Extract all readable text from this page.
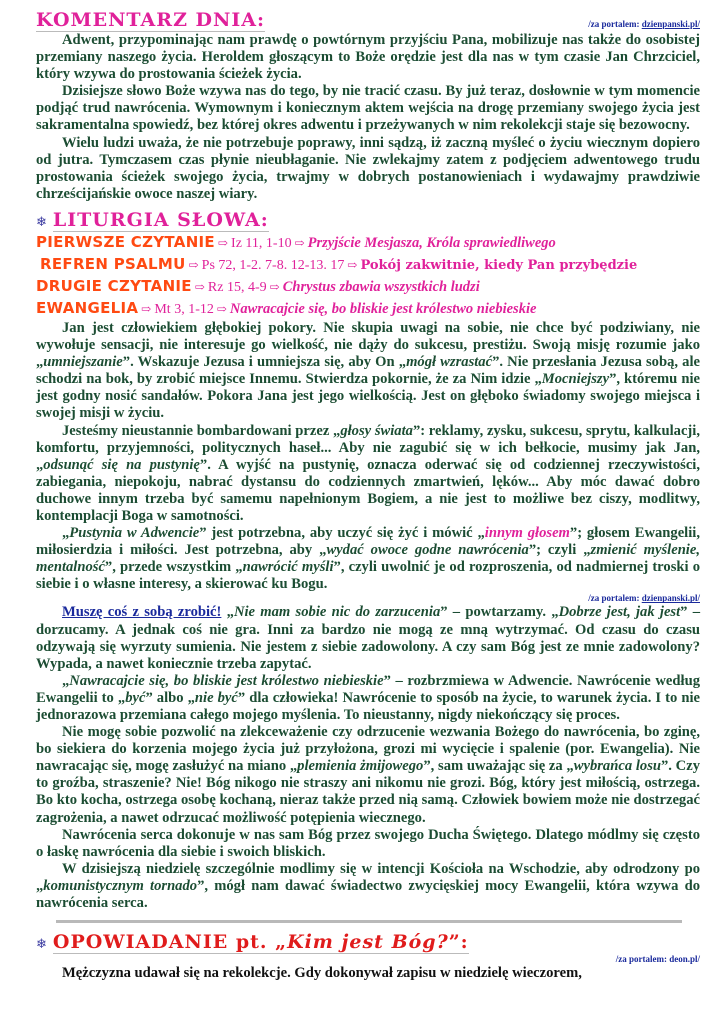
KOMENTARZ DNIA:	/za portalem: dzienpanski.pl/

Adwent, przypominając nam prawdę o powtórnym przyjściu Pana, mobilizuje nas także do osobistej przemiany naszego życia. Heroldem głoszącym to Boże orędzie jest dla nas w tym czasie Jan Chrzciciel, który wzywa do prostowania ścieżek życia.

Dzisiejsze słowo Boże wzywa nas do tego, by nie tracić czasu. By już teraz, dosłownie w tym momencie podjąć trud nawrócenia. Wymownym i koniecznym aktem wejścia na drogę przemiany swojego życia jest sakramentalna spowiedź, bez której okres adwentu i przeżywanych w nim rekolekcji staje się bezowocny.

Wielu ludzi uważa, że nie potrzebuje poprawy, inni sądzą, iż zaczną myśleć o życiu wiecznym dopiero od jutra. Tymczasem czas płynie nieubłaganie. Nie zwlekajmy zatem z podjęciem adwentowego trudu prostowania ścieżek swojego życia, trwajmy w dobrych postanowieniach i wydawajmy prawdziwie chrześcijańskie owoce naszej wiary.

❄ LITURGIA SŁOWA:
PIERWSZE CZYTANIE ⇨ Iz 11, 1-10 ⇨ Przyjście Mesjasza, Króla sprawiedliwego
REFREN PSALMU ⇨ Ps 72, 1-2. 7-8. 12-13. 17 ⇨ Pokój zakwitnie, kiedy Pan przybędzie
DRUGIE CZYTANIE ⇨ Rz 15, 4-9 ⇨ Chrystus zbawia wszystkich ludzi
EWANGELIA ⇨ Mt 3, 1-12 ⇨ Nawracajcie się, bo bliskie jest królestwo niebieskie

Jan jest człowiekiem głębokiej pokory. Nie skupia uwagi na sobie, nie chce być podziwiany, nie wywołuje sensacji, nie interesuje go wielkość, nie dąży do sukcesu, prestiżu. Swoją misję rozumie jako „umniejszanie”. Wskazuje Jezusa i umniejsza się, aby On „mógł wzrastać”. Nie przesłania Jezusa sobą, ale schodzi na bok, by zrobić miejsce Innemu. Stwierdza pokornie, że za Nim idzie „Mocniejszy”, któremu nie jest godny nosić sandałów. Pokora Jana jest jego wielkością. Jest on głęboko świadomy swojego miejsca i swojej misji w życiu.

Jesteśmy nieustannie bombardowani przez „głosy świata”: reklamy, zysku, sukcesu, sprytu, kalkulacji, komfortu, przyjemności, politycznych haseł... Aby nie zagubić się w ich bełkocie, musimy jak Jan, „odsunąć się na pustynię”. A wyjść na pustynię, oznacza oderwać się od codziennej rzeczywistości, zabiegania, niepokoju, nabrać dystansu do codziennych zmartwień, lęków... Aby móc dawać dobro duchowe innym trzeba być samemu napełnionym Bogiem, a nie jest to możliwe bez ciszy, modlitwy, kontemplacji Boga w samotności.

„Pustynia w Adwencie” jest potrzebna, aby uczyć się żyć i mówić „innym głosem”; głosem Ewangelii, miłosierdzia i miłości. Jest potrzebna, aby „wydać owoce godne nawrócenia”; czyli „zmienić myślenie, mentalność”, przede wszystkim „nawrócić myśli”, czyli uwolnić je od rozproszenia, od nadmiernej troski o siebie i o własne interesy, a skierować ku Bogu.

/za portalem: dzienpanski.pl/

Muszę coś z sobą zrobić! „Nie mam sobie nic do zarzucenia” – powtarzamy. „Dobrze jest, jak jest” – dorzucamy. A jednak coś nie gra. Inni za bardzo nie mogą ze mną wytrzymać. Od czasu do czasu odzywają się wyrzuty sumienia. Nie jestem z siebie zadowolony. A czy sam Bóg jest ze mnie zadowolony? Wypada, a nawet koniecznie trzeba zapytać.

„Nawracajcie się, bo bliskie jest królestwo niebieskie” – rozbrzmiewa w Adwencie. Nawrócenie według Ewangelii to „być” albo „nie być” dla człowieka! Nawrócenie to sposób na życie, to warunek życia. I to nie jednorazowa przemiana całego mojego myślenia. To nieustanny, nigdy niekończący się proces.

Nie mogę sobie pozwolić na zlekceważenie czy odrzucenie wezwania Bożego do nawrócenia, bo zginę, bo siekiera do korzenia mojego życia już przyłożona, grozi mi wycięcie i spalenie (por. Ewangelia). Nie nawracając się, mogę zasłużyć na miano „plemienia żmijowego”, sam uważając się za „wybrańca losu”. Czy to groźba, straszenie? Nie! Bóg nikogo nie straszy ani nikomu nie grozi. Bóg, który jest miłością, ostrzega. Bo kto kocha, ostrzega osobę kochaną, nieraz także przed nią samą. Człowiek bowiem może nie dostrzegać zagrożenia, a nawet odrzucać możliwość potępienia wiecznego.

Nawrócenia serca dokonuje w nas sam Bóg przez swojego Ducha Świętego. Dlatego módlmy się często o łaskę nawrócenia dla siebie i swoich bliskich.

W dzisiejszą niedzielę szczególnie modlimy się w intencji Kościoła na Wschodzie, aby odrodzony po „komunistycznym tornado”, mógł nam dawać świadectwo zwycięskiej mocy Ewangelii, która wzywa do nawrócenia serca.

❄ OPOWIADANIE pt. „Kim jest Bóg?”:
/za portalem: deon.pl/

Mężczyzna udawał się na rekolekcje. Gdy dokonywał zapisu w niedzielę wieczorem,
